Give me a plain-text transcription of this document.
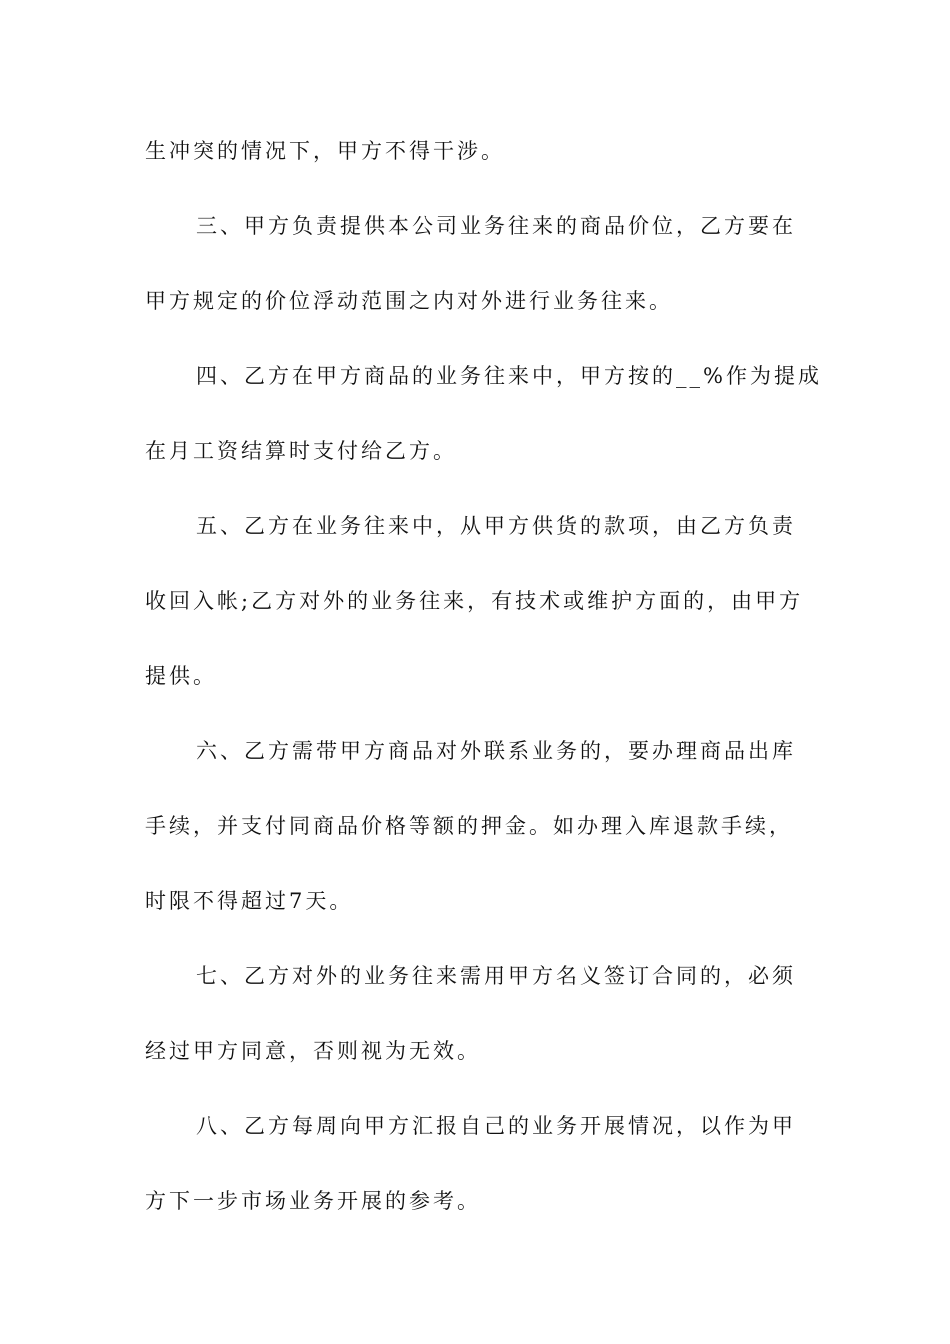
生冲突的情况下，甲方不得干涉。
三、甲方负责提供本公司业务往来的商品价位，乙方要在
甲方规定的价位浮动范围之内对外进行业务往来。
四、乙方在甲方商品的业务往来中，甲方按的__%作为提成
在月工资结算时支付给乙方。
五、乙方在业务往来中，从甲方供货的款项，由乙方负责
收回入帐;乙方对外的业务往来，有技术或维护方面的，由甲方
提供。
六、乙方需带甲方商品对外联系业务的，要办理商品出库
手续，并支付同商品价格等额的押金。如办理入库退款手续，
时限不得超过7天。
七、乙方对外的业务往来需用甲方名义签订合同的，必须
经过甲方同意，否则视为无效。
八、乙方每周向甲方汇报自己的业务开展情况，以作为甲
方下一步市场业务开展的参考。
